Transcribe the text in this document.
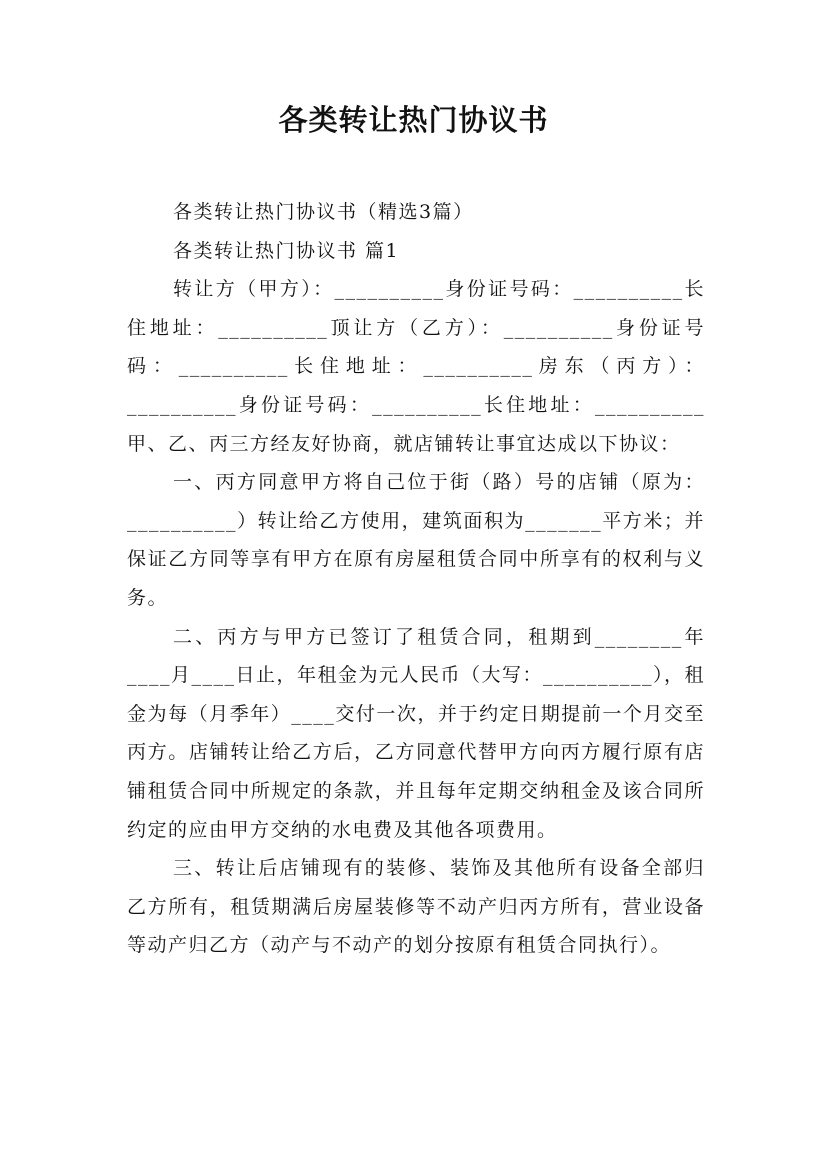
各类转让热门协议书

各类转让热门协议书（精选3篇）

各类转让热门协议书 篇1

转让方（甲方）：__________身份证号码：__________长住地址：__________顶让方（乙方）：__________身份证号码：__________长住地址：__________房东（丙方）：__________身份证号码：__________长住地址：__________甲、乙、丙三方经友好协商，就店铺转让事宜达成以下协议：

一、丙方同意甲方将自己位于街（路）号的店铺（原为：__________）转让给乙方使用，建筑面积为_______平方米；并保证乙方同等享有甲方在原有房屋租赁合同中所享有的权利与义务。

二、丙方与甲方已签订了租赁合同，租期到________年____月____日止，年租金为元人民币（大写：__________），租金为每（月季年）____交付一次，并于约定日期提前一个月交至丙方。店铺转让给乙方后，乙方同意代替甲方向丙方履行原有店铺租赁合同中所规定的条款，并且每年定期交纳租金及该合同所约定的应由甲方交纳的水电费及其他各项费用。

三、转让后店铺现有的装修、装饰及其他所有设备全部归乙方所有，租赁期满后房屋装修等不动产归丙方所有，营业设备等动产归乙方（动产与不动产的划分按原有租赁合同执行）。
